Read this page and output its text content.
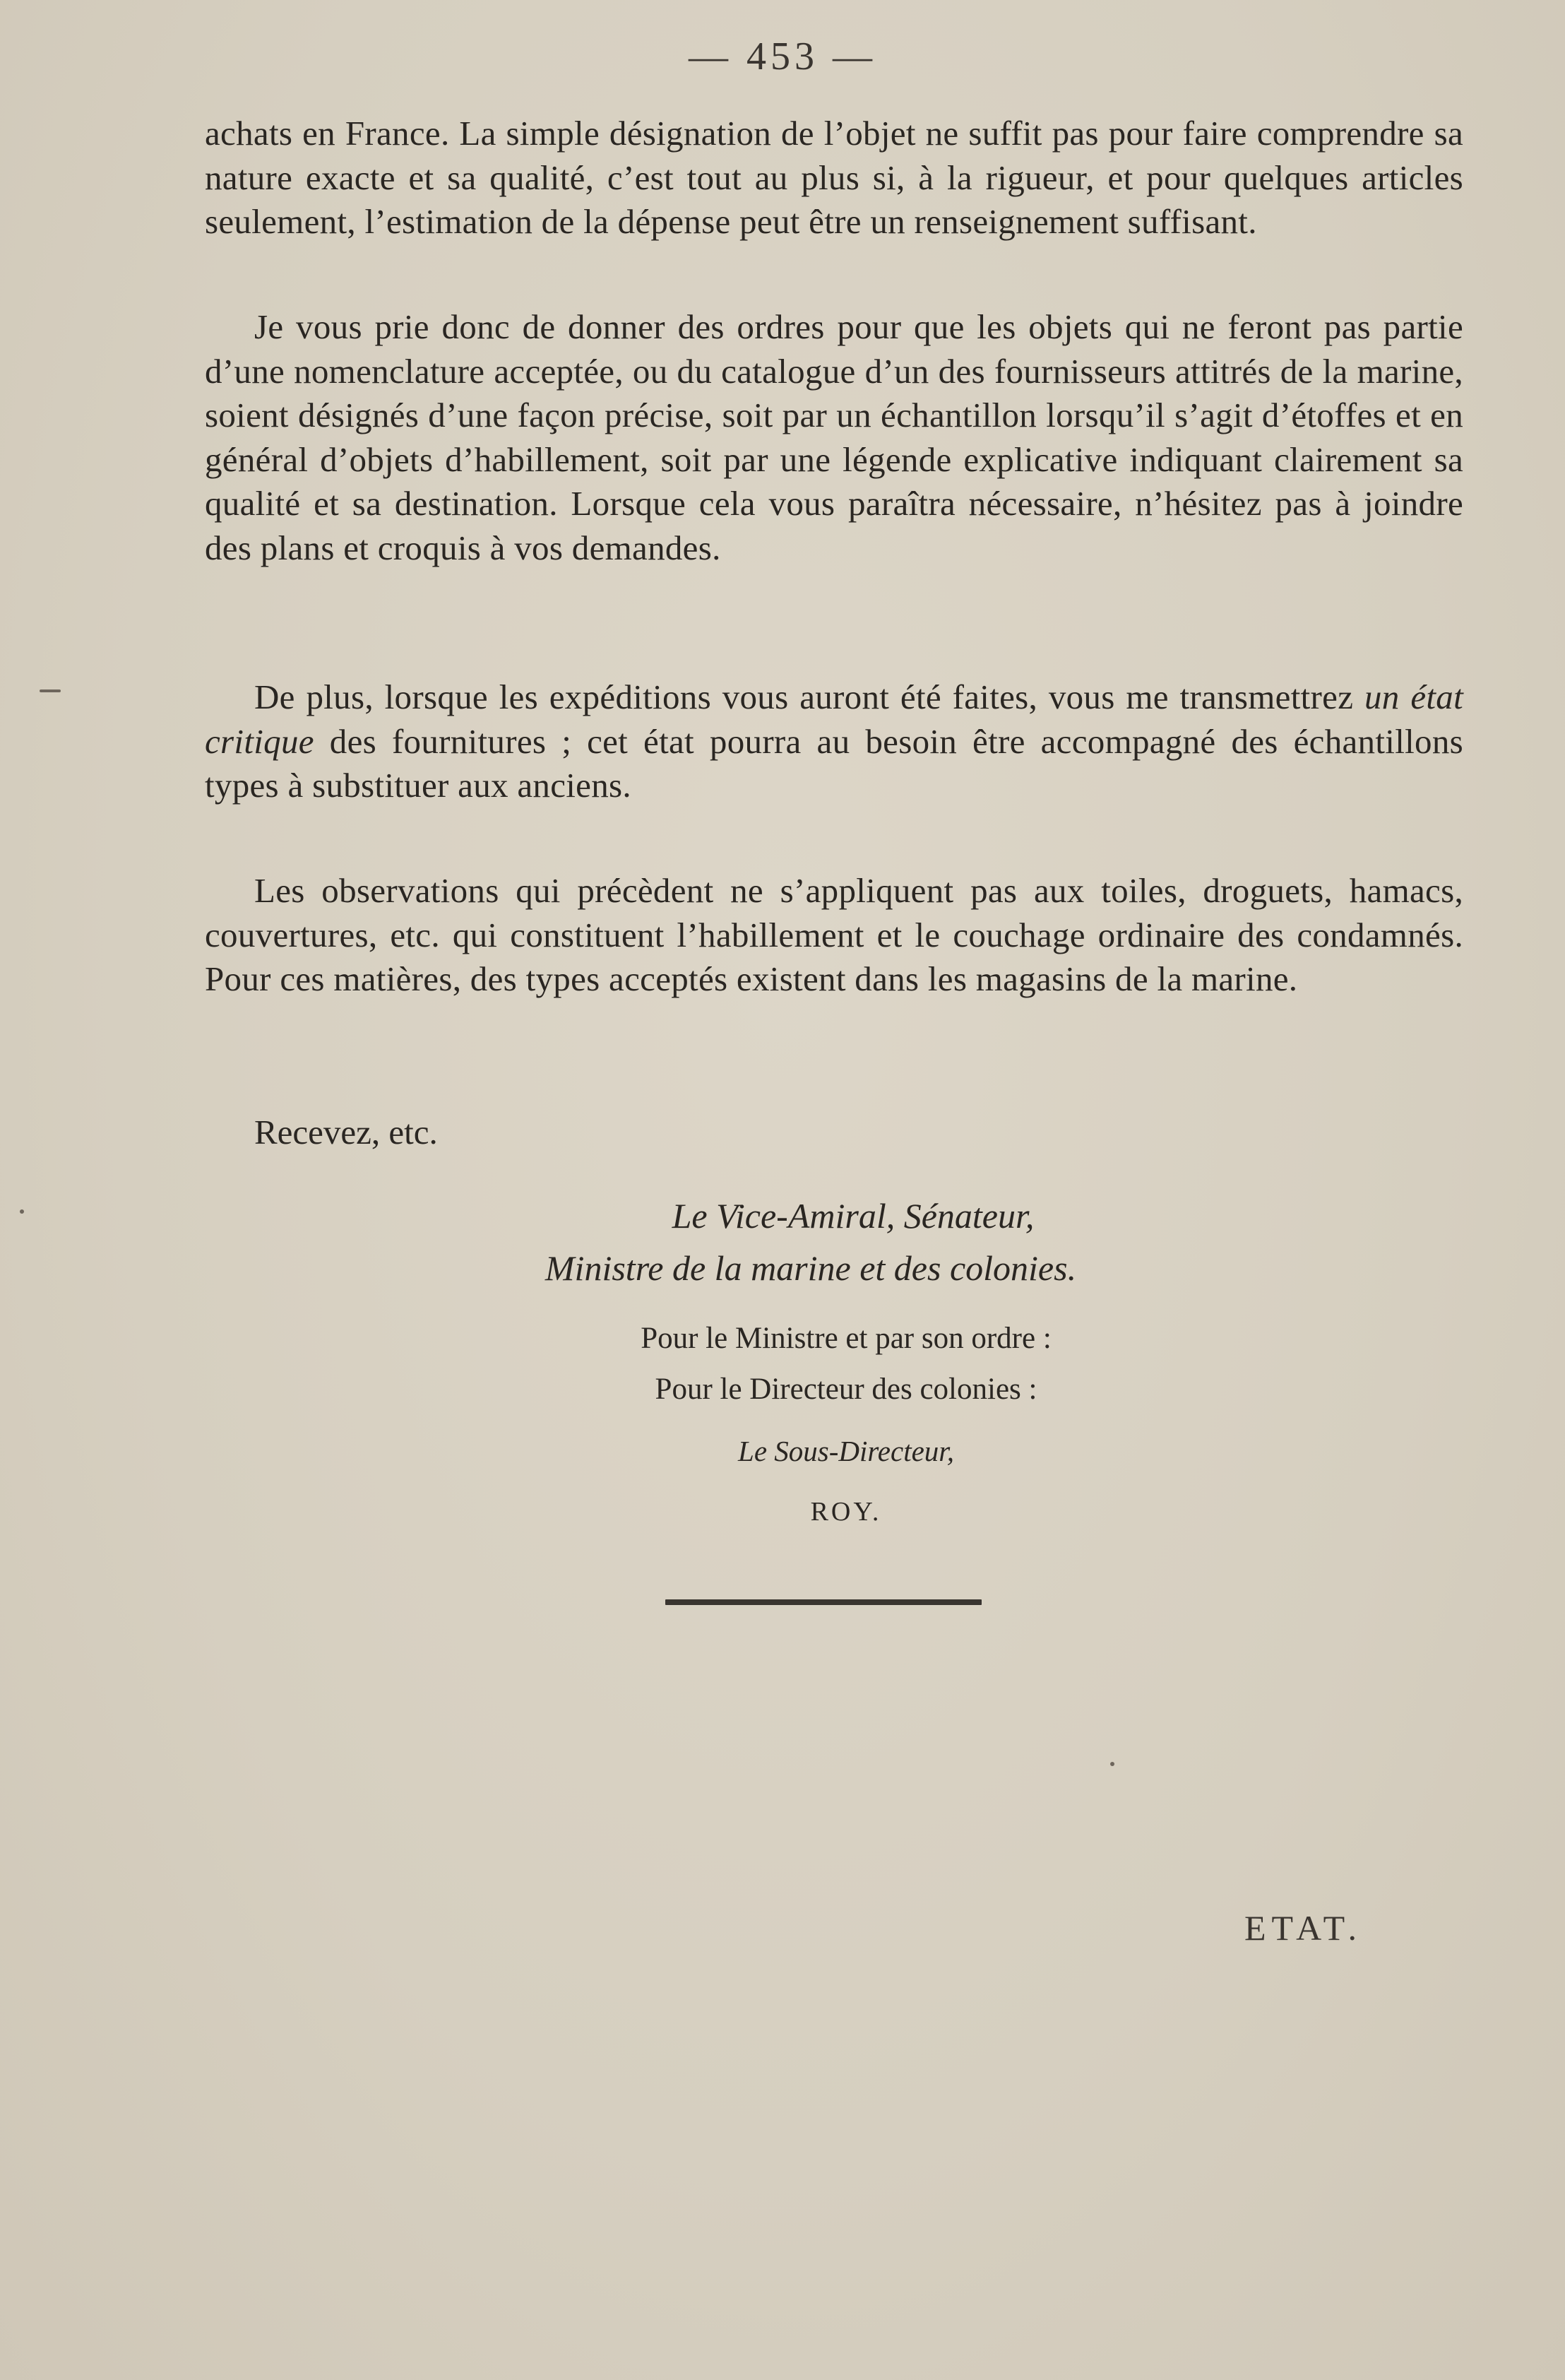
— 453 —

achats en France. La simple désignation de l’objet ne suffit pas pour faire comprendre sa nature exacte et sa qualité, c’est tout au plus si, à la rigueur, et pour quelques articles seulement, l’estimation de la dépense peut être un renseignement suffisant.

Je vous prie donc de donner des ordres pour que les objets qui ne feront pas partie d’une nomenclature acceptée, ou du catalogue d’un des fournisseurs attitrés de la marine, soient désignés d’une façon précise, soit par un échantillon lorsqu’il s’agit d’étoffes et en général d’objets d’habillement, soit par une légende explicative indiquant clairement sa qualité et sa destination. Lorsque cela vous paraîtra nécessaire, n’hésitez pas à joindre des plans et croquis à vos demandes.

De plus, lorsque les expéditions vous auront été faites, vous me transmettrez un état critique des fournitures ; cet état pourra au besoin être accompagné des échantillons types à substituer aux anciens.

Les observations qui précèdent ne s’appliquent pas aux toiles, droguets, hamacs, couvertures, etc. qui constituent l’habillement et le couchage ordinaire des condamnés. Pour ces matières, des types acceptés existent dans les magasins de la marine.

Recevez, etc.
Le Vice-Amiral, Sénateur,
Ministre de la marine et des colonies.
Pour le Ministre et par son ordre :
Pour le Directeur des colonies :
Le Sous-Directeur,
ROY.
ETAT.
